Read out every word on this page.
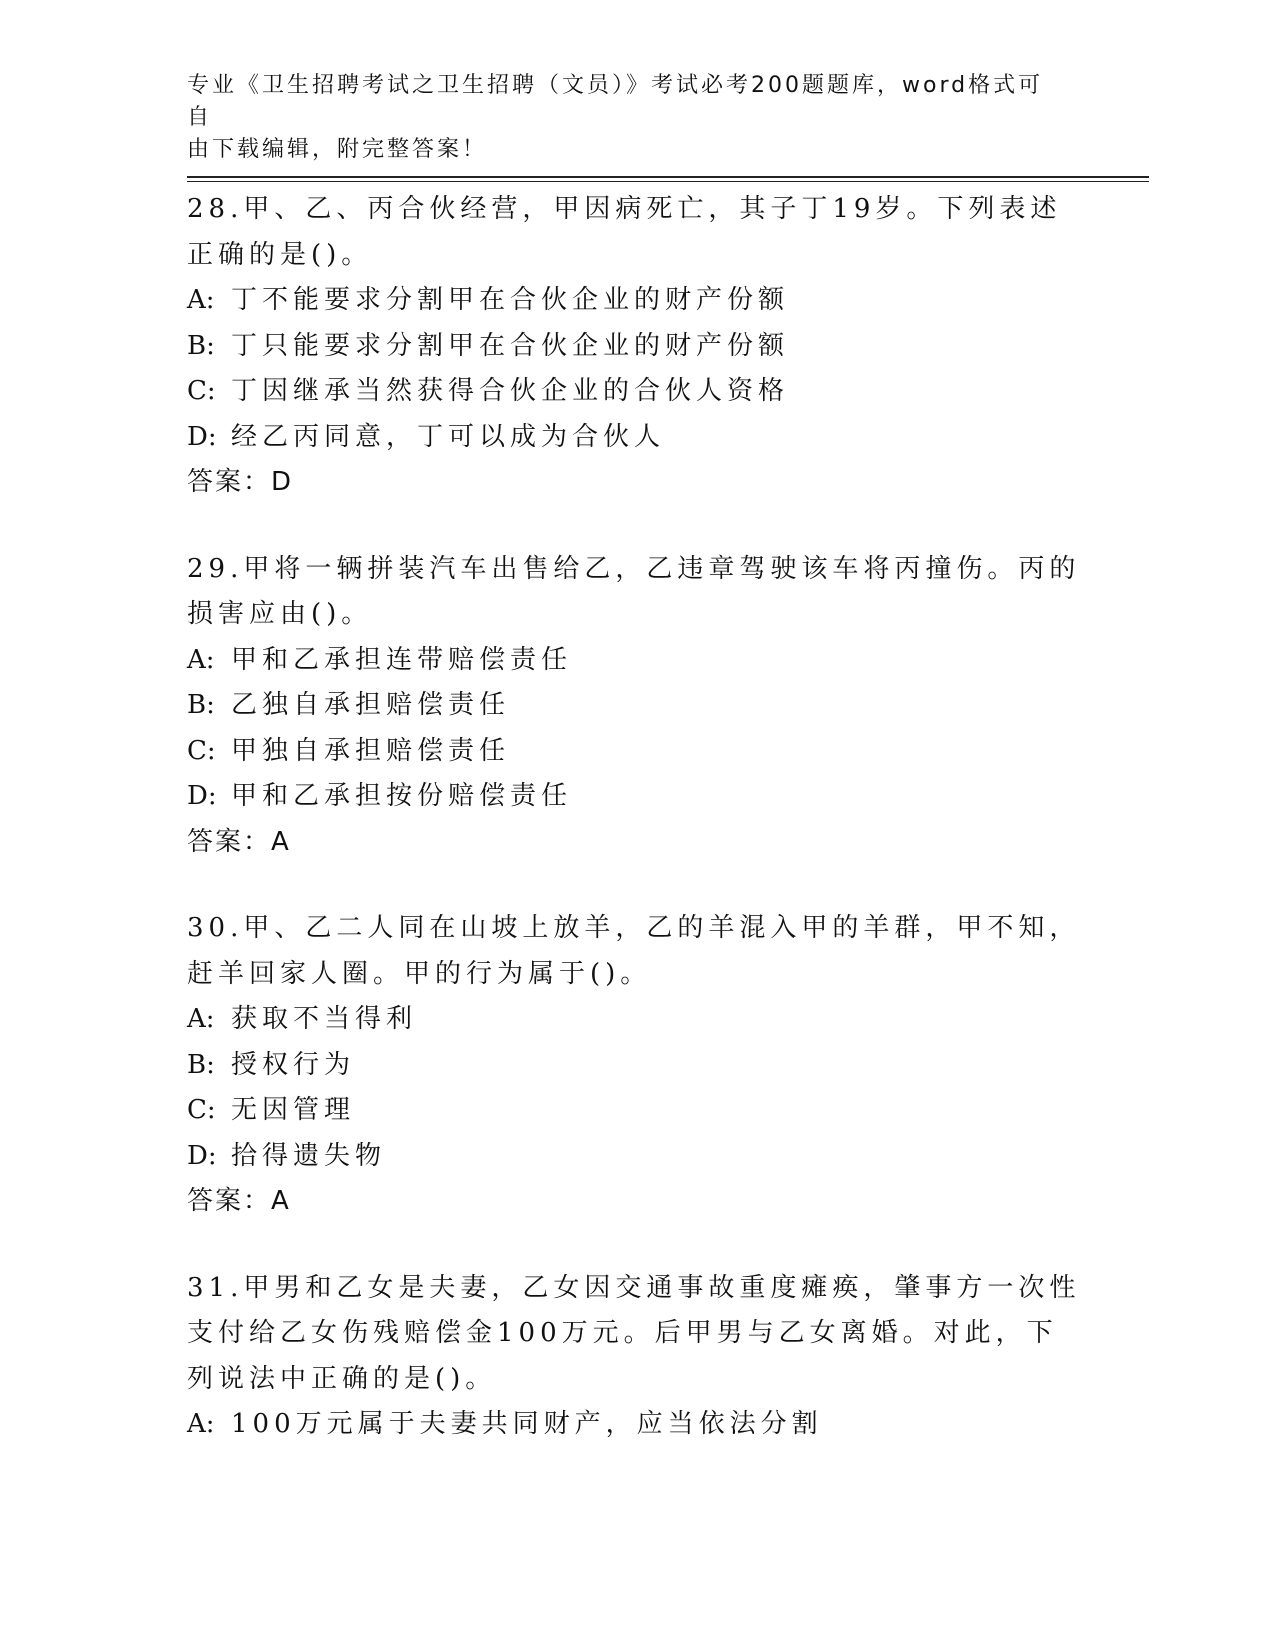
专业《卫生招聘考试之卫生招聘（文员）》考试必考200题题库，word格式可自
由下载编辑，附完整答案！

28.甲、乙、丙合伙经营，甲因病死亡，其子丁19岁。下列表述正确的是()。

A: 丁不能要求分割甲在合伙企业的财产份额

B: 丁只能要求分割甲在合伙企业的财产份额

C: 丁因继承当然获得合伙企业的合伙人资格

D: 经乙丙同意，丁可以成为合伙人

答案：D

29.甲将一辆拼装汽车出售给乙，乙违章驾驶该车将丙撞伤。丙的损害应由()。

A: 甲和乙承担连带赔偿责任

B: 乙独自承担赔偿责任

C: 甲独自承担赔偿责任

D: 甲和乙承担按份赔偿责任

答案：A

30.甲、乙二人同在山坡上放羊，乙的羊混入甲的羊群，甲不知，赶羊回家人圈。甲的行为属于()。

A: 获取不当得利

B: 授权行为

C: 无因管理

D: 拾得遗失物

答案：A

31.甲男和乙女是夫妻，乙女因交通事故重度瘫痪，肇事方一次性支付给乙女伤残赔偿金100万元。后甲男与乙女离婚。对此，下列说法中正确的是()。

A: 100万元属于夫妻共同财产，应当依法分割
